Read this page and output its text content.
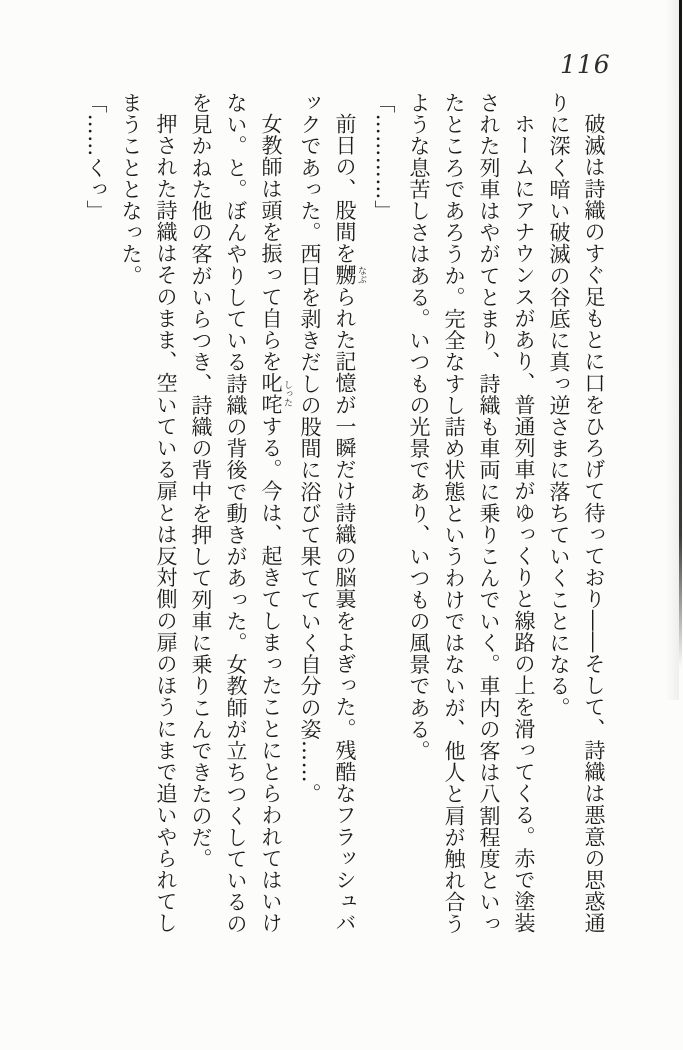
116

破滅は詩織のすぐ足もとに口をひろげて待っており――そして、詩織は悪意の思惑通りに深く暗い破滅の谷底に真っ逆さまに落ちていくことになる。

ホームにアナウンスがあり、普通列車がゆっくりと線路の上を滑ってくる。赤で塗装された列車はやがてとまり、詩織も車両に乗りこんでいく。車内の客は八割程度といったところであろうか。完全なすし詰め状態というわけではないが、他人と肩が触れ合うような息苦しさはある。いつもの光景であり、いつもの風景である。

「…………」

前日の、股間を嬲 なぶられた記憶が一瞬だけ詩織の脳裏をよぎった。残酷なフラッシュバックであった。西日を剥きだしの股間に浴びて果てていく自分の姿……。

女教師は頭を振って自らを叱咤 しったする。今は、起きてしまったことにとらわれてはいけない。と。ぼんやりしている詩織の背後で動きがあった。女教師が立ちつくしているのを見かねた他の客がいらつき、詩織の背中を押して列車に乗りこんできたのだ。

押された詩織はそのまま、空いている扉とは反対側の扉のほうにまで追いやられてしまうこととなった。

「……くっ」
